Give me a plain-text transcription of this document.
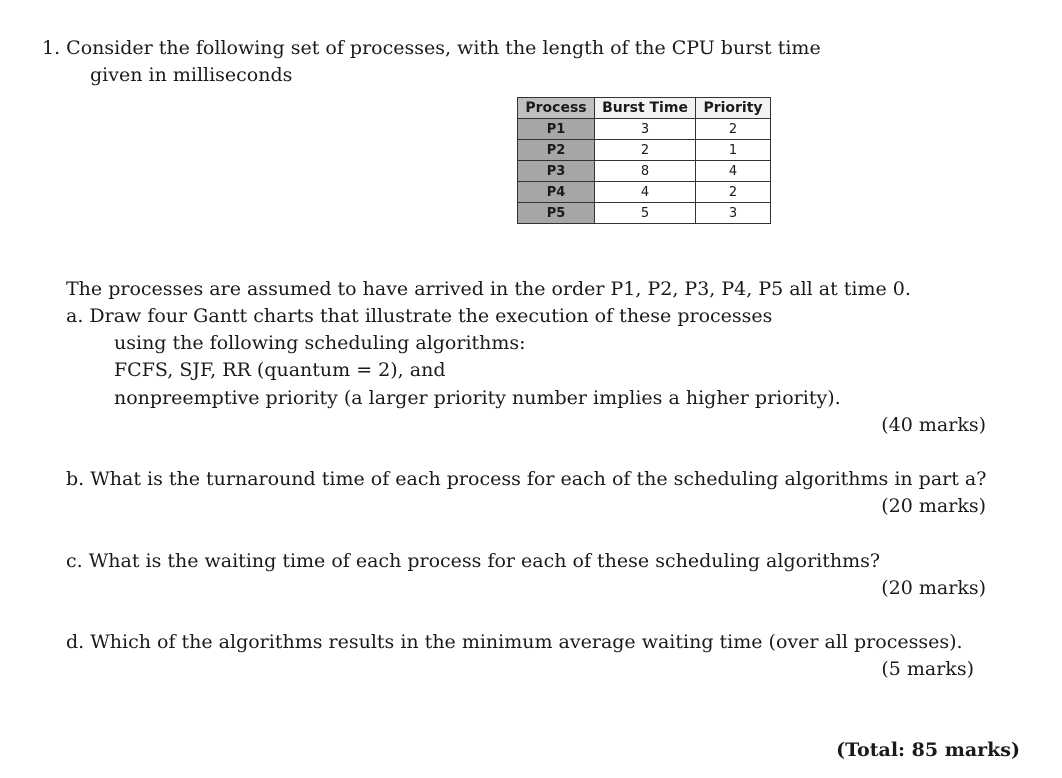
1. Consider the following set of processes, with the length of the CPU burst time
given in milliseconds
Process	Burst Time	Priority
P1	3	2
P2	2	1
P3	8	4
P4	4	2
P5	5	3
The processes are assumed to have arrived in the order P1, P2, P3, P4, P5 all at time 0.
a. Draw four Gantt charts that illustrate the execution of these processes
using the following scheduling algorithms:
FCFS, SJF, RR (quantum = 2), and
nonpreemptive priority (a larger priority number implies a higher priority).
(40 marks)
b. What is the turnaround time of each process for each of the scheduling algorithms in part a?
(20 marks)
c. What is the waiting time of each process for each of these scheduling algorithms?
(20 marks)
d. Which of the algorithms results in the minimum average waiting time (over all processes).
(5 marks)
(Total: 85 marks)
